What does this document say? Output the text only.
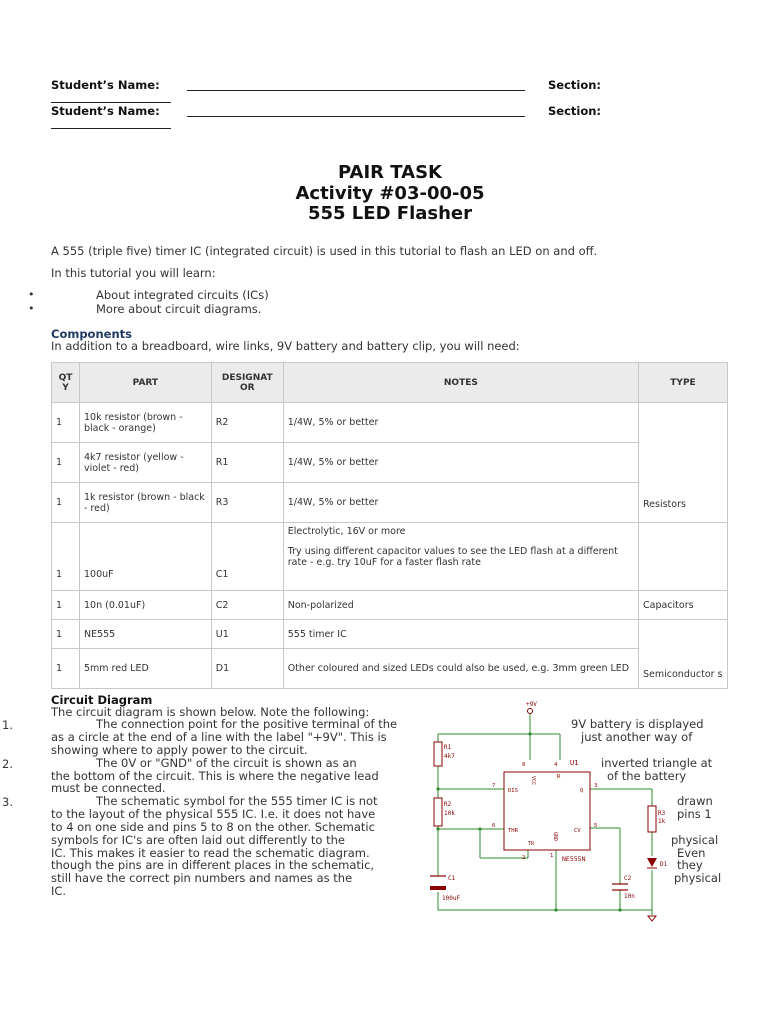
Student’s Name:	Section:
Student’s Name:	Section:
PAIR TASK
Activity #03-00-05
555 LED Flasher
A 555 (triple five) timer IC (integrated circuit) is used in this tutorial to flash an LED on and off.
In this tutorial you will learn:
•	About integrated circuits (ICs)
•	More about circuit diagrams.
Components
In addition to a breadboard, wire links, 9V battery and battery clip, you will need:
QT Y	PART	DESIGNAT OR	NOTES	TYPE
1	10k resistor (brown - black - orange)	R2	1/4W, 5% or better	Resistors
1	4k7 resistor (yellow - violet - red)	R1	1/4W, 5% or better	
1	1k resistor (brown - black - red)	R3	1/4W, 5% or better	
1	100uF	C1	Electrolytic, 16V or more
Try using different capacitor values to see the LED flash at a different rate - e.g. try 10uF for a faster flash rate	

1	10n (0.01uF)	C2	Non-polarized	Capacitors
1	NE555	U1	555 timer IC	Semiconductor s
1	5mm red LED	D1	Other coloured and sized LEDs could also be used, e.g. 3mm green LED	
Circuit Diagram
The circuit diagram is shown below. Note the following:
1.	The connection point for the positive terminal of the
as a circle at the end of a line with the label "+9V". This is
showing where to apply power to the circuit.
2.	The 0V or "GND" of the circuit is shown as an
the bottom of the circuit. This is where the negative lead
must be connected.
3.	The schematic symbol for the 555 timer IC is not
to the layout of the physical 555 IC. I.e. it does not have
to 4 on one side and pins 5 to 8 on the other. Schematic
symbols for IC's are often laid out differently to the
IC. This makes it easier to read the schematic diagram.
though the pins are in different places in the schematic,
still have the correct pin numbers and names as the
IC.
9V battery is displayed
just another way of
inverted triangle at
of the battery
drawn
pins 1
physical
Even
they
physical
+9V
R1
4k7
R2
10k	R3
1k
U1
NE555N
DIS
THR	CV
Q
R
VCC
GND
TR
7
6
8	4
3
5
2	1
C1
100uF
C2
10n
D1
